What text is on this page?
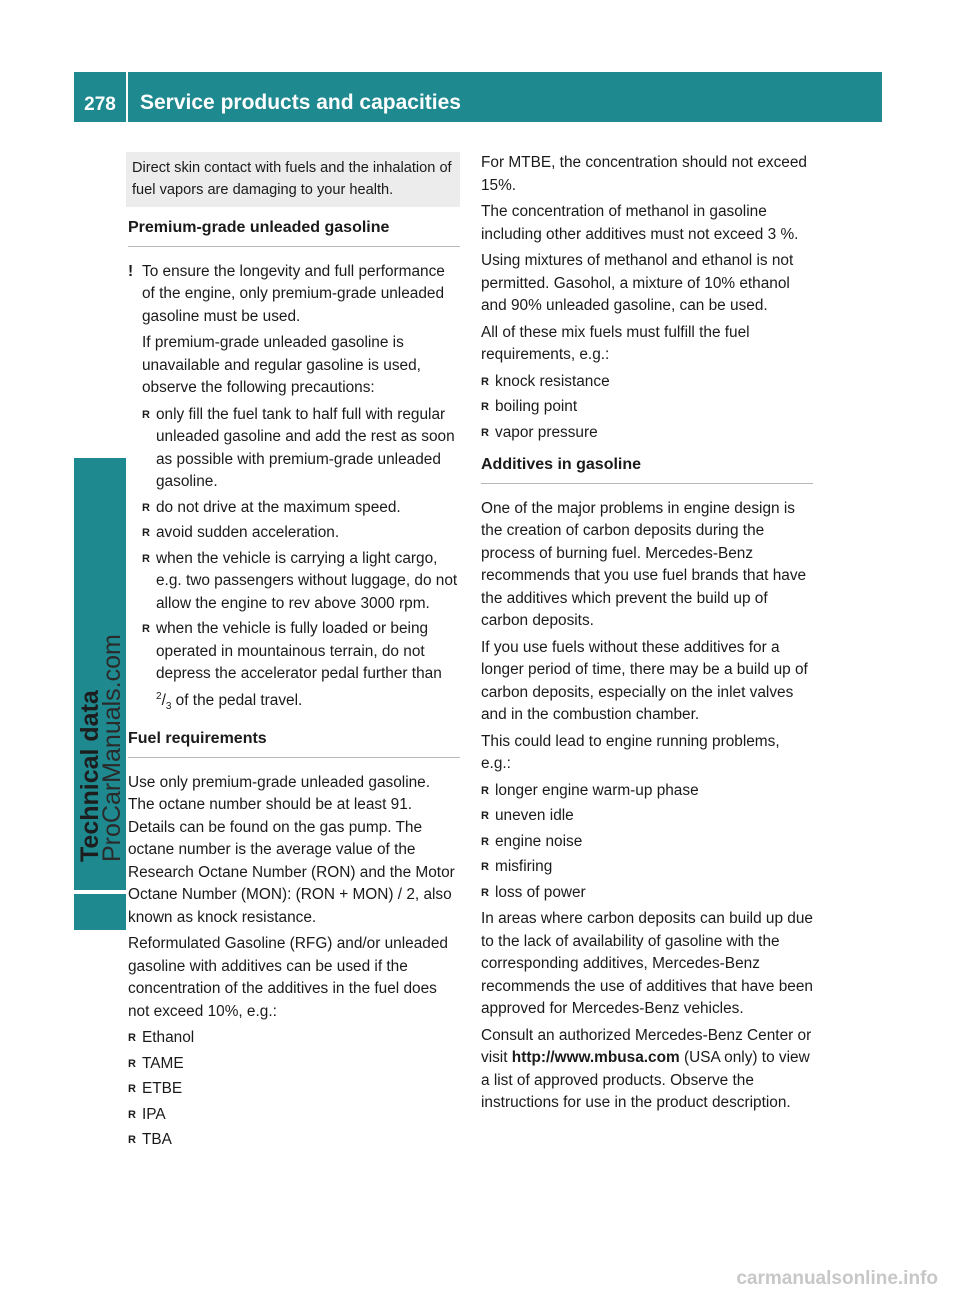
278	Service products and capacities
Technical data
ProCarManuals.com
Direct skin contact with fuels and the inhalation of fuel vapors are damaging to your health.
Premium-grade unleaded gasoline
! To ensure the longevity and full performance of the engine, only premium-grade unleaded gasoline must be used.

If premium-grade unleaded gasoline is unavailable and regular gasoline is used, observe the following precautions:

R only fill the fuel tank to half full with regular unleaded gasoline and add the rest as soon as possible with premium-grade unleaded gasoline.
R do not drive at the maximum speed.
R avoid sudden acceleration.
R when the vehicle is carrying a light cargo, e.g. two passengers without luggage, do not allow the engine to rev above 3000 rpm.
R when the vehicle is fully loaded or being operated in mountainous terrain, do not depress the accelerator pedal further than $^2/_3$ of the pedal travel.
Fuel requirements

Use only premium-grade unleaded gasoline. The octane number should be at least 91. Details can be found on the gas pump. The octane number is the average value of the Research Octane Number (RON) and the Motor Octane Number (MON): (RON + MON) / 2, also known as knock resistance.

Reformulated Gasoline (RFG) and/or unleaded gasoline with additives can be used if the concentration of the additives in the fuel does not exceed 10%, e.g.:

R Ethanol
R TAME
R ETBE
R IPA
R TBA

For MTBE, the concentration should not exceed 15%.

The concentration of methanol in gasoline including other additives must not exceed 3 %.

Using mixtures of methanol and ethanol is not permitted. Gasohol, a mixture of 10% ethanol and 90% unleaded gasoline, can be used.

All of these mix fuels must fulfill the fuel requirements, e.g.:

R knock resistance
R boiling point
R vapor pressure
Additives in gasoline

One of the major problems in engine design is the creation of carbon deposits during the process of burning fuel. Mercedes-Benz recommends that you use fuel brands that have the additives which prevent the build up of carbon deposits.

If you use fuels without these additives for a longer period of time, there may be a build up of carbon deposits, especially on the inlet valves and in the combustion chamber.

This could lead to engine running problems, e.g.:

R longer engine warm-up phase
R uneven idle
R engine noise
R misfiring
R loss of power

In areas where carbon deposits can build up due to the lack of availability of gasoline with the corresponding additives, Mercedes-Benz recommends the use of additives that have been approved for Mercedes-Benz vehicles.

Consult an authorized Mercedes-Benz Center or visit http://www.mbusa.com (USA only) to view a list of approved products. Observe the instructions for use in the product description.

carmanualsonline.info
